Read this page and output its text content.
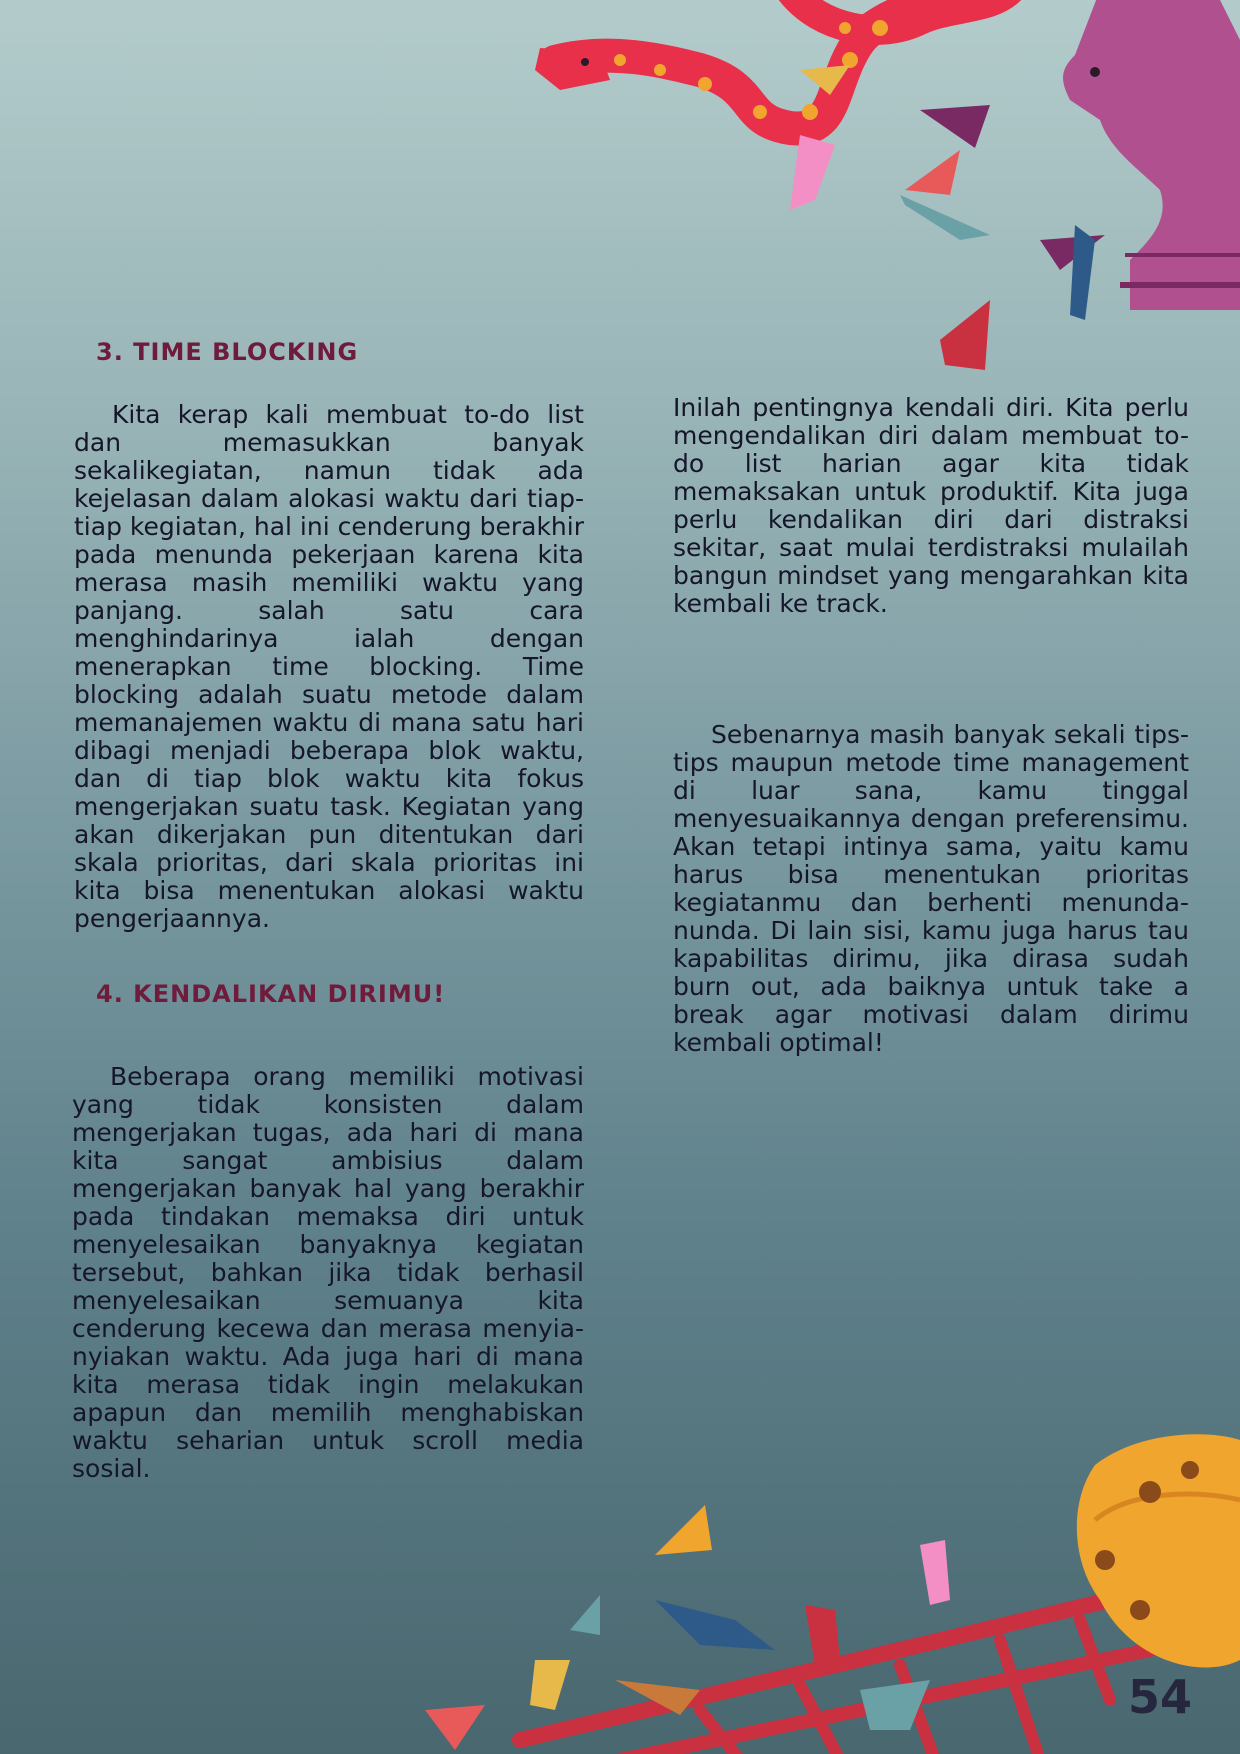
3. TIME BLOCKING

Kita kerap kali membuat to-do list dan memasukkan banyak sekalikegiatan, namun tidak ada kejelasan dalam alokasi waktu dari tiap-tiap kegiatan, hal ini cenderung berakhir pada menunda pekerjaan karena kita merasa masih memiliki waktu yang panjang. salah satu cara menghindarinya ialah dengan menerapkan time blocking. Time blocking adalah suatu metode dalam memanajemen waktu di mana satu hari dibagi menjadi beberapa blok waktu, dan di tiap blok waktu kita fokus mengerjakan suatu task. Kegiatan yang akan dikerjakan pun ditentukan dari skala prioritas, dari skala prioritas ini kita bisa menentukan alokasi waktu pengerjaannya.

4. KENDALIKAN DIRIMU!

Beberapa orang memiliki motivasi yang tidak konsisten dalam mengerjakan tugas, ada hari di mana kita sangat ambisius dalam mengerjakan banyak hal yang berakhir pada tindakan memaksa diri untuk menyelesaikan banyaknya kegiatan tersebut, bahkan jika tidak berhasil menyelesaikan semuanya kita cenderung kecewa dan merasa menyia-nyiakan waktu. Ada juga hari di mana kita merasa tidak ingin melakukan apapun dan memilih menghabiskan waktu seharian untuk scroll media sosial.

Inilah pentingnya kendali diri. Kita perlu mengendalikan diri dalam membuat to-do list harian agar kita tidak memaksakan untuk produktif. Kita juga perlu kendalikan diri dari distraksi sekitar, saat mulai terdistraksi mulailah bangun mindset yang mengarahkan kita kembali ke track.

Sebenarnya masih banyak sekali tips-tips maupun metode time management di luar sana, kamu tinggal menyesuaikannya dengan preferensimu. Akan tetapi intinya sama, yaitu kamu harus bisa menentukan prioritas kegiatanmu dan berhenti menunda-nunda. Di lain sisi, kamu juga harus tau kapabilitas dirimu, jika dirasa sudah burn out, ada baiknya untuk take a break agar motivasi dalam dirimu kembali optimal!

54
